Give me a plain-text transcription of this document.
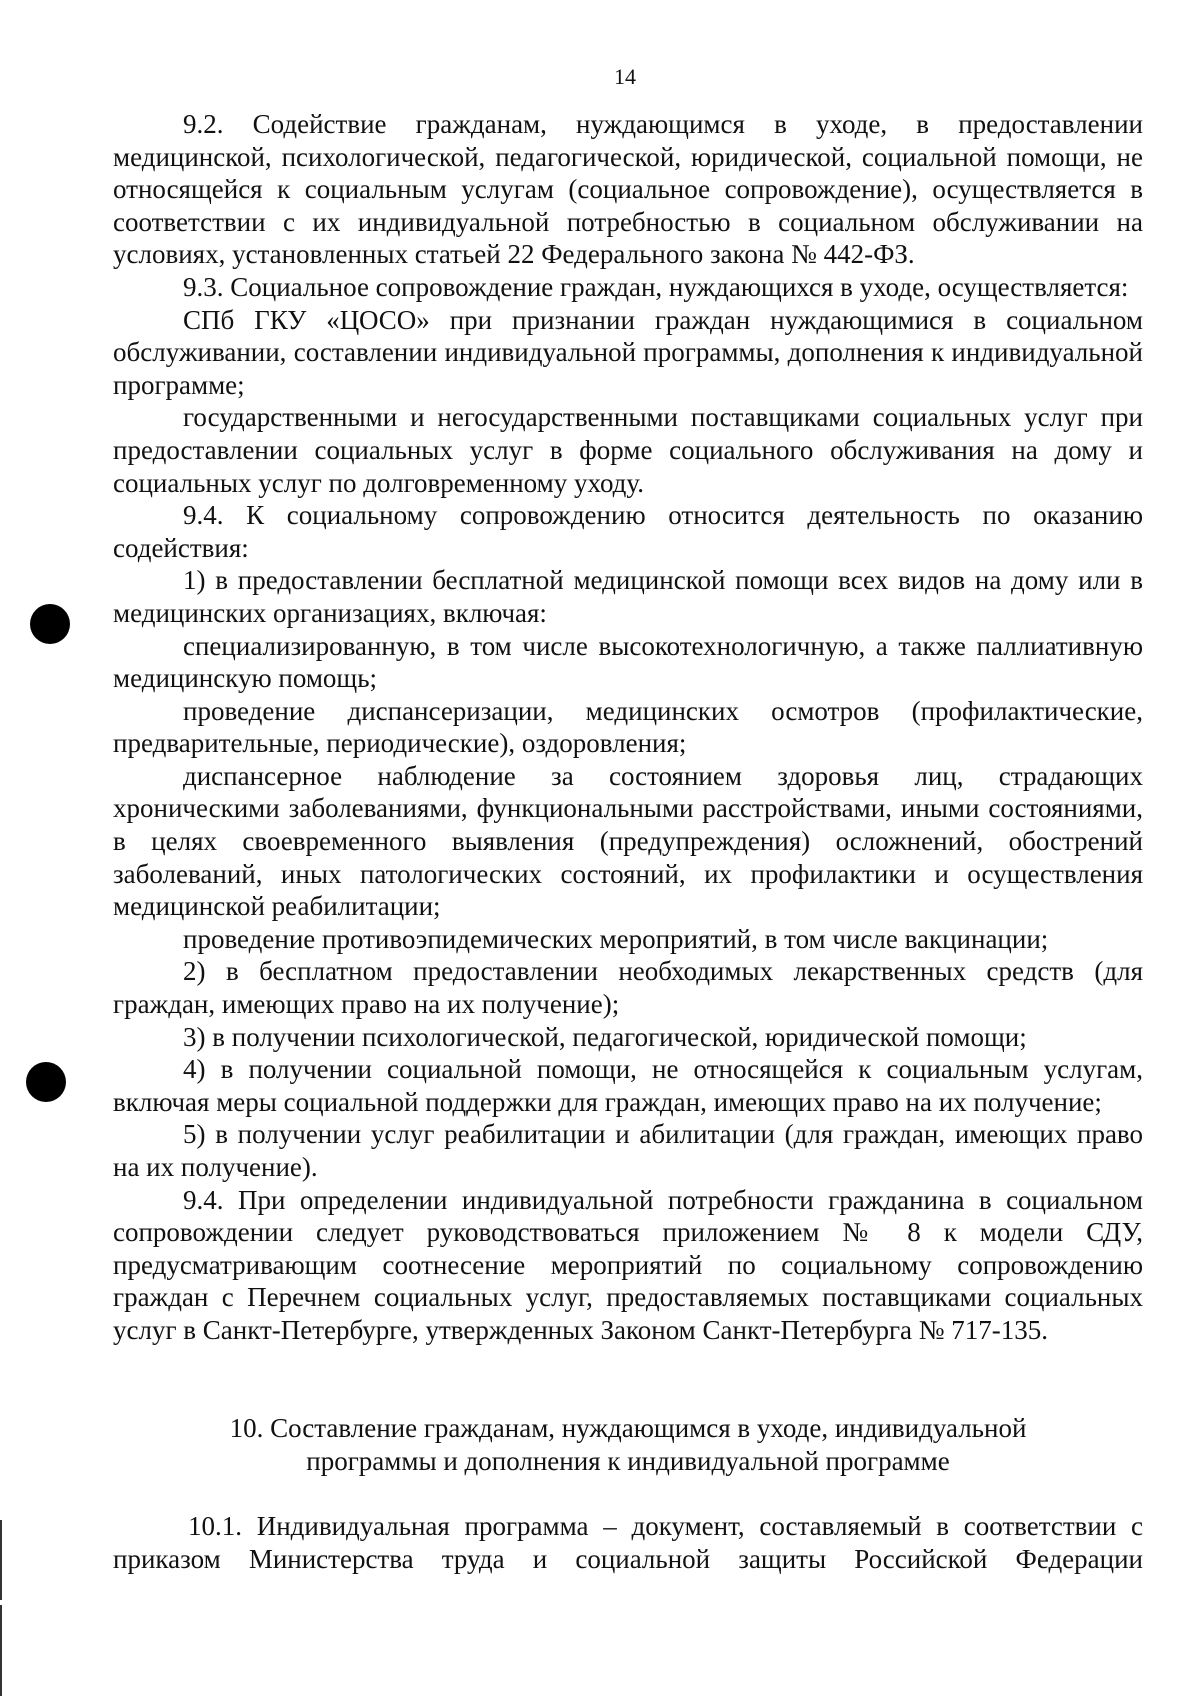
14

9.2. Содействие гражданам, нуждающимся в уходе, в предоставлении медицинской, психологической, педагогической, юридической, социальной помощи, не относящейся к социальным услугам (социальное сопровождение), осуществляется в соответствии с их индивидуальной потребностью в социальном обслуживании на условиях, установленных статьей 22 Федерального закона № 442-ФЗ.

9.3. Социальное сопровождение граждан, нуждающихся в уходе, осуществляется:

СПб ГКУ «ЦОСО» при признании граждан нуждающимися в социальном обслуживании, составлении индивидуальной программы, дополнения к индивидуальной программе;

государственными и негосударственными поставщиками социальных услуг при предоставлении социальных услуг в форме социального обслуживания на дому и социальных услуг по долговременному уходу.

9.4. К социальному сопровождению относится деятельность по оказанию содействия:

1) в предоставлении бесплатной медицинской помощи всех видов на дому или в медицинских организациях, включая:

специализированную, в том числе высокотехнологичную, а также паллиативную медицинскую помощь;

проведение диспансеризации, медицинских осмотров (профилактические, предварительные, периодические), оздоровления;

диспансерное наблюдение за состоянием здоровья лиц, страдающих хроническими заболеваниями, функциональными расстройствами, иными состояниями, в целях своевременного выявления (предупреждения) осложнений, обострений заболеваний, иных патологических состояний, их профилактики и осуществления медицинской реабилитации;

проведение противоэпидемических мероприятий, в том числе вакцинации;

2) в бесплатном предоставлении необходимых лекарственных средств (для граждан, имеющих право на их получение);

3) в получении психологической, педагогической, юридической помощи;

4) в получении социальной помощи, не относящейся к социальным услугам, включая меры социальной поддержки для граждан, имеющих право на их получение;

5) в получении услуг реабилитации и абилитации (для граждан, имеющих право на их получение).

9.4. При определении индивидуальной потребности гражданина в социальном сопровождении следует руководствоваться приложением № 8 к модели СДУ, предусматривающим соотнесение мероприятий по социальному сопровождению граждан с Перечнем социальных услуг, предоставляемых поставщиками социальных услуг в Санкт-Петербурге, утвержденных Законом Санкт-Петербурга № 717-135.

10. Составление гражданам, нуждающимся в уходе, индивидуальной
программы и дополнения к индивидуальной программе

10.1. Индивидуальная программа – документ, составляемый в соответствии с приказом Министерства труда и социальной защиты Российской Федерации
